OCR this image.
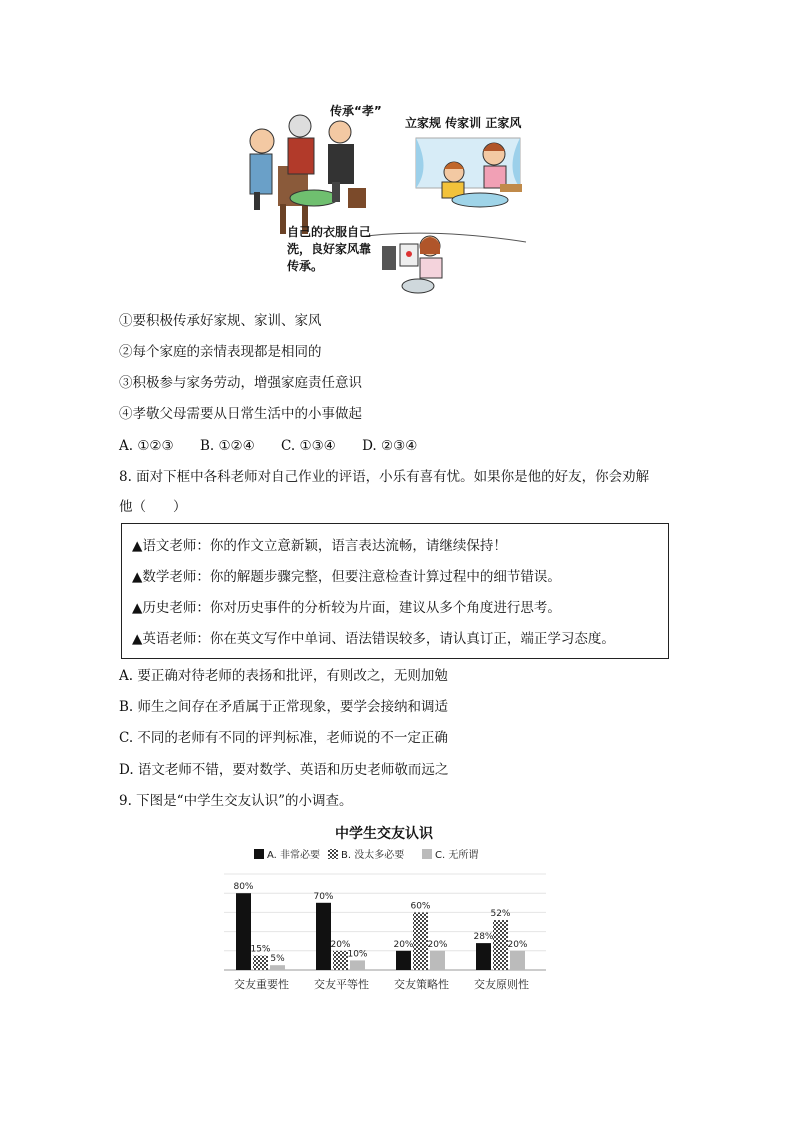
传承“孝”
立家规 传家训 正家风
自己的衣服自己
洗，良好家风靠
传承。
①要积极传承好家规、家训、家风
②每个家庭的亲情表现都是相同的
③积极参与家务劳动，增强家庭责任意识
④孝敬父母需要从日常生活中的小事做起
A. ①②③ B. ①②④ C. ①③④ D. ②③④
8. 面对下框中各科老师对自己作业的评语，小乐有喜有忧。如果你是他的好友，你会劝解
他（　　）
▲语文老师：你的作文立意新颖，语言表达流畅，请继续保持！
▲数学老师：你的解题步骤完整，但要注意检查计算过程中的细节错误。
▲历史老师：你对历史事件的分析较为片面，建议从多个角度进行思考。
▲英语老师：你在英文写作中单词、语法错误较多，请认真订正，端正学习态度。
A. 要正确对待老师的表扬和批评，有则改之，无则加勉
B. 师生之间存在矛盾属于正常现象，要学会接纳和调适
C. 不同的老师有不同的评判标准，老师说的不一定正确
D. 语文老师不错，要对数学、英语和历史老师敬而远之
9. 下图是“中学生交友认识”的小调查。
中学生交友认识
A. 非常必要 B. 没太多必要	C. 无所谓
80%
15%
5%
70%
20%
10%
20%
60%
20%
28%
52%
20%
交友重要性 交友平等性 交友策略性 交友原则性
